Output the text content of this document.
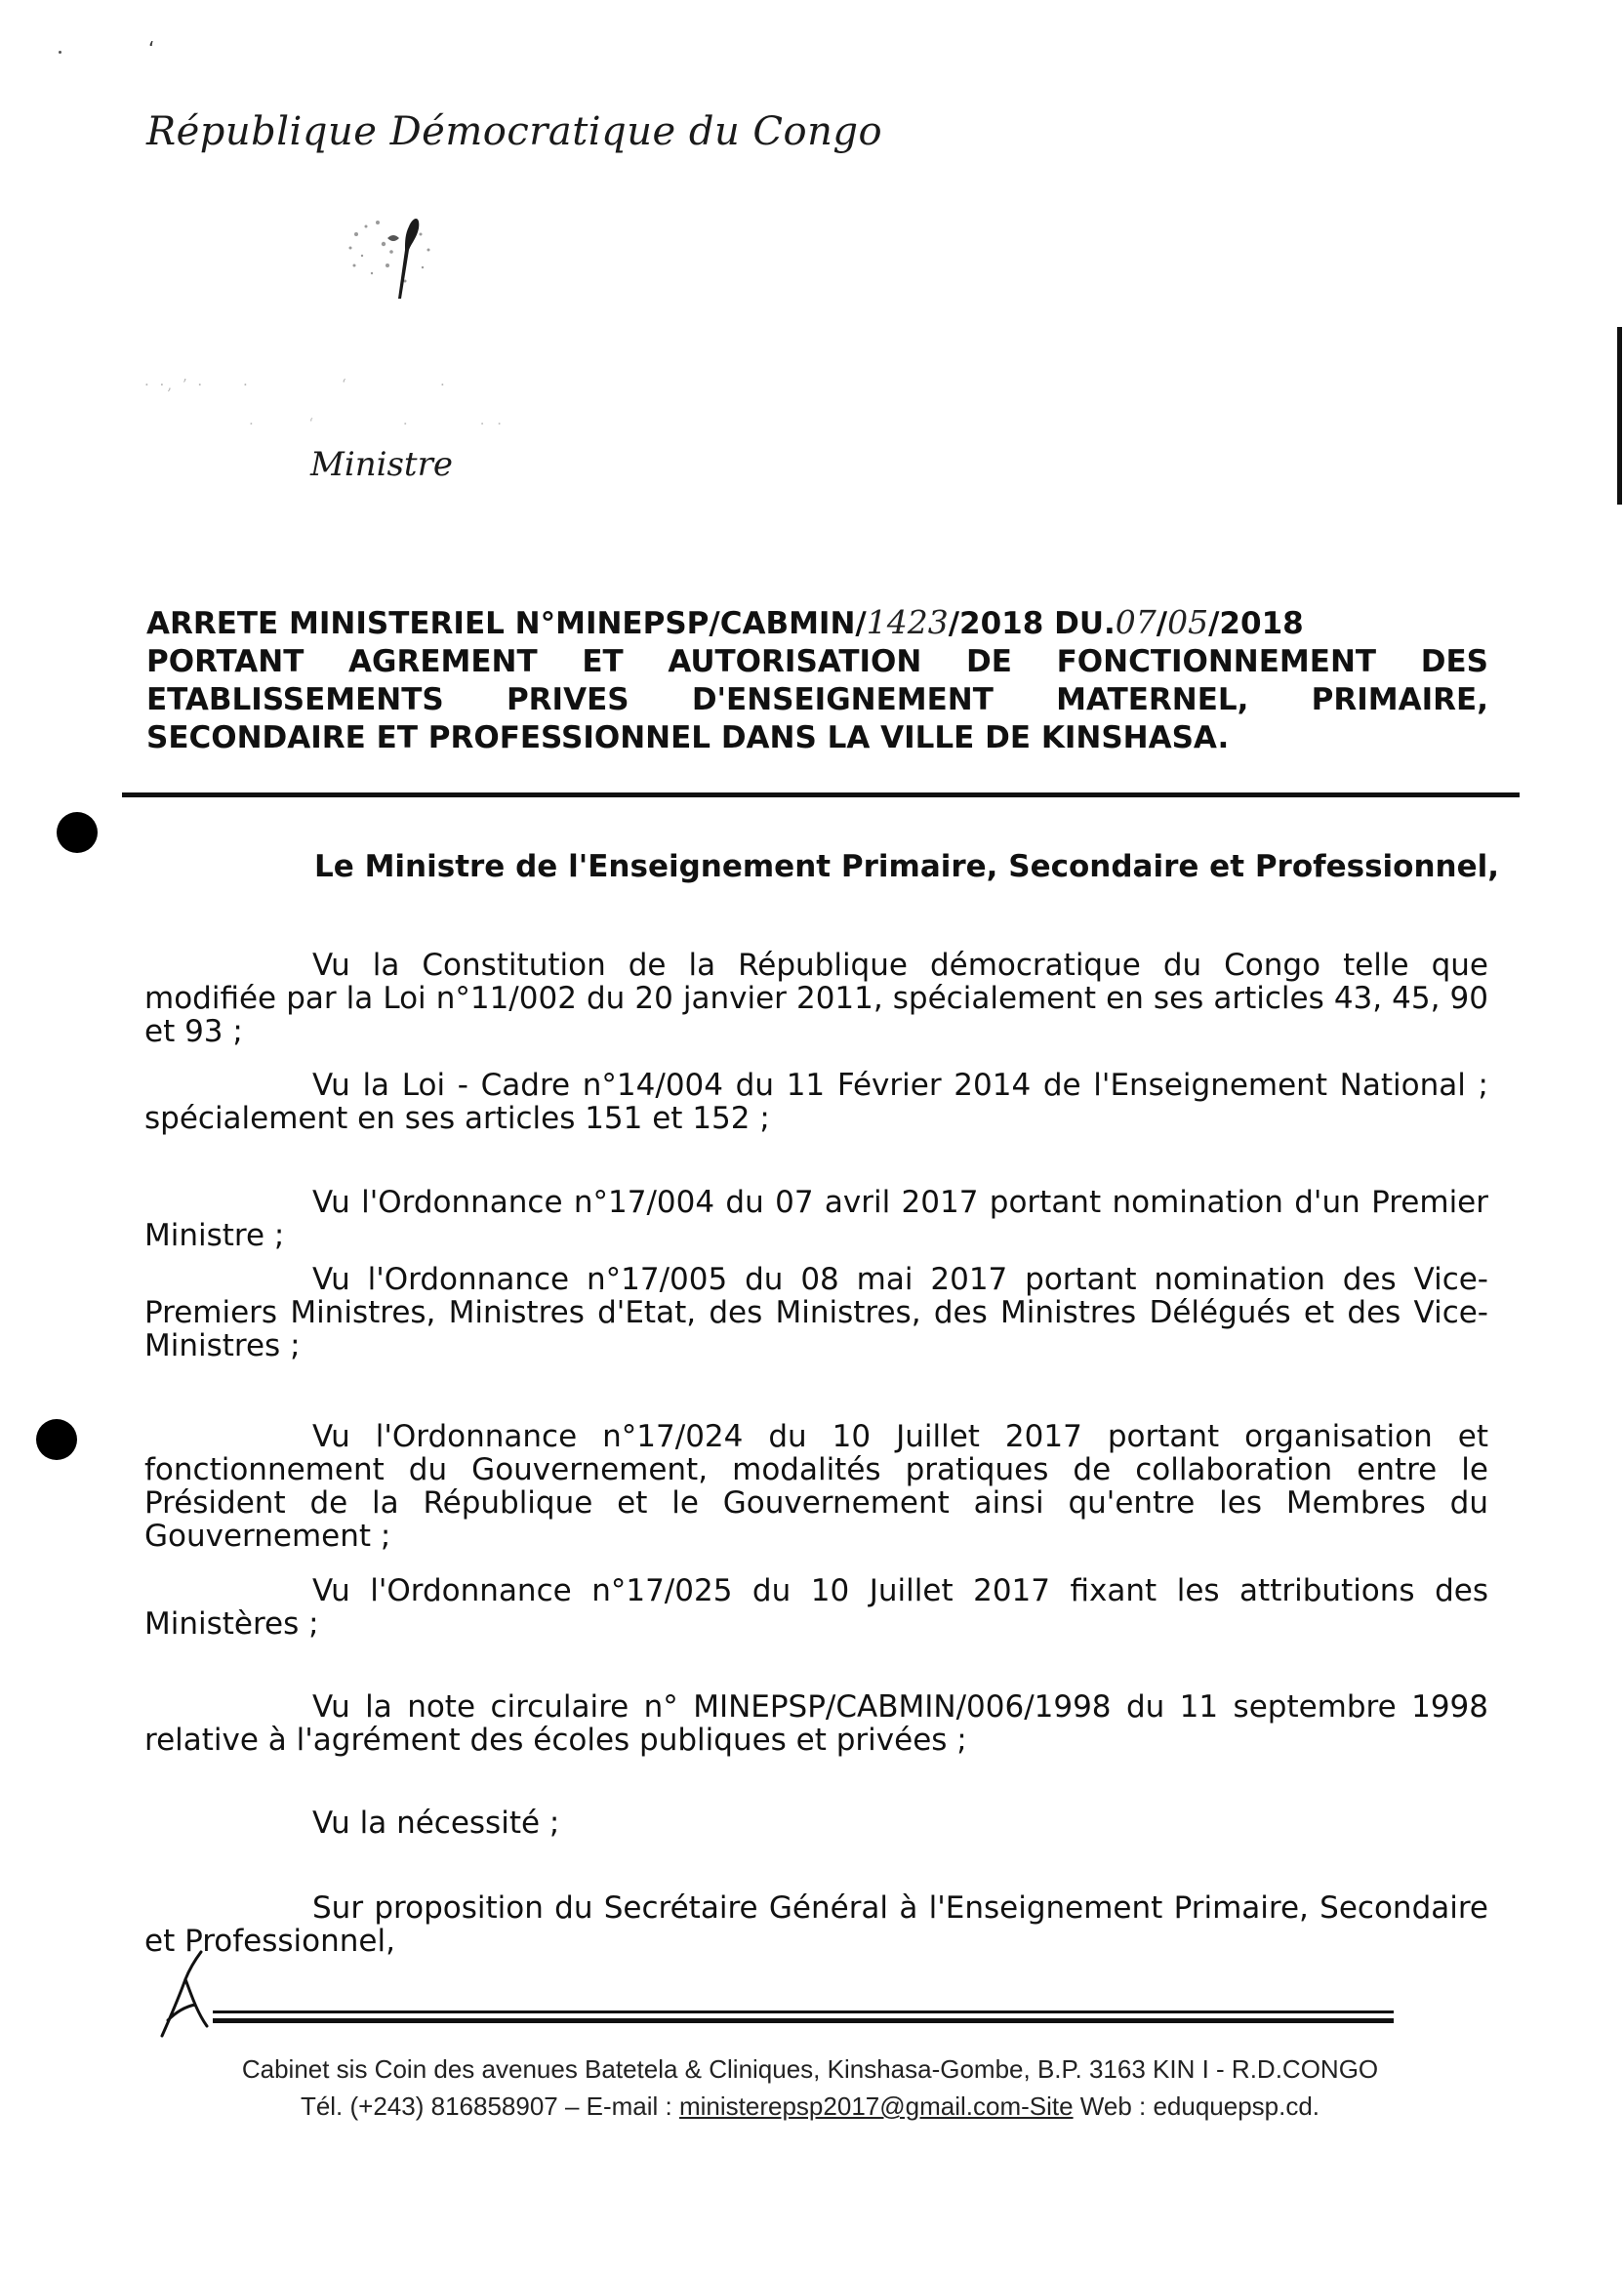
‘
République Démocratique du Congo
· ·‚ ’ ·     ·            ‘            ·
·      ‘          ·        · ·
Ministre
ARRETE MINISTERIEL N°MINEPSP/CABMIN/1423/2018 DU.07/05/2018
PORTANT AGREMENT ET AUTORISATION DE FONCTIONNEMENT DES
ETABLISSEMENTS PRIVES D'ENSEIGNEMENT MATERNEL, PRIMAIRE,
SECONDAIRE ET PROFESSIONNEL DANS LA VILLE DE KINSHASA.
Le Ministre de l'Enseignement Primaire, Secondaire et Professionnel,
Vu la Constitution de la République démocratique du Congo telle que modifiée par la Loi n°11/002 du 20 janvier 2011, spécialement en ses articles 43, 45, 90 et 93 ;
Vu la Loi - Cadre n°14/004 du 11 Février 2014 de l'Enseignement National ; spécialement en ses articles 151 et 152 ;
Vu l'Ordonnance n°17/004 du 07 avril 2017 portant nomination d'un Premier Ministre ;
Vu l'Ordonnance n°17/005 du 08 mai 2017 portant nomination des Vice-Premiers Ministres, Ministres d'Etat, des Ministres, des Ministres Délégués et des Vice-Ministres ;
Vu l'Ordonnance n°17/024 du 10 Juillet 2017 portant organisation et fonctionnement du Gouvernement, modalités pratiques de collaboration entre le Président de la République et le Gouvernement ainsi qu'entre les Membres du Gouvernement ;
Vu l'Ordonnance n°17/025 du 10 Juillet 2017 fixant les attributions des Ministères ;
Vu la note circulaire n° MINEPSP/CABMIN/006/1998 du 11 septembre 1998 relative à l'agrément des écoles publiques et privées ;
Vu la nécessité ;
Sur proposition du Secrétaire Général à l'Enseignement Primaire, Secondaire et Professionnel,
Cabinet sis Coin des avenues Batetela & Cliniques, Kinshasa-Gombe, B.P. 3163 KIN I - R.D.CONGO
Tél. (+243) 816858907 – E-mail : ministerepsp2017@gmail.com-Site Web : eduquepsp.cd.
